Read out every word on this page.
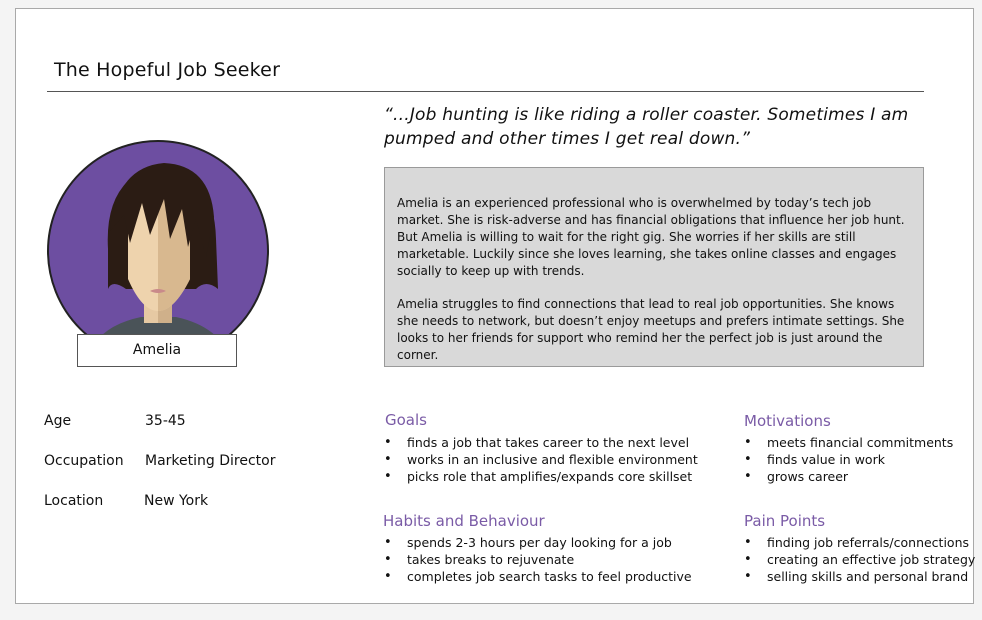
The Hopeful Job Seeker
Amelia
“...Job hunting is like riding a roller coaster. Sometimes I am pumped and other times I get real down.”

Amelia is an experienced professional who is overwhelmed by today’s tech job market. She is risk-adverse and has financial obligations that influence her job hunt. But Amelia is willing to wait for the right gig. She worries if her skills are still marketable. Luckily since she loves learning, she takes online classes and engages socially to keep up with trends.

Amelia struggles to find connections that lead to real job opportunities. She knows she needs to network, but doesn’t enjoy meetups and prefers intimate settings. She looks to her friends for support who remind her the perfect job is just around the corner.

Age	35-45
Occupation Marketing Director
Location	New York
Goals
• finds a job that takes career to the next level
• works in an inclusive and flexible environment
• picks role that amplifies/expands core skillset
Motivations
• meets financial commitments
• finds value in work
• grows career
Habits and Behaviour
• spends 2-3 hours per day looking for a job
• takes breaks to rejuvenate
• completes job search tasks to feel productive
Pain Points
• finding job referrals/connections
• creating an effective job strategy
• selling skills and personal brand
